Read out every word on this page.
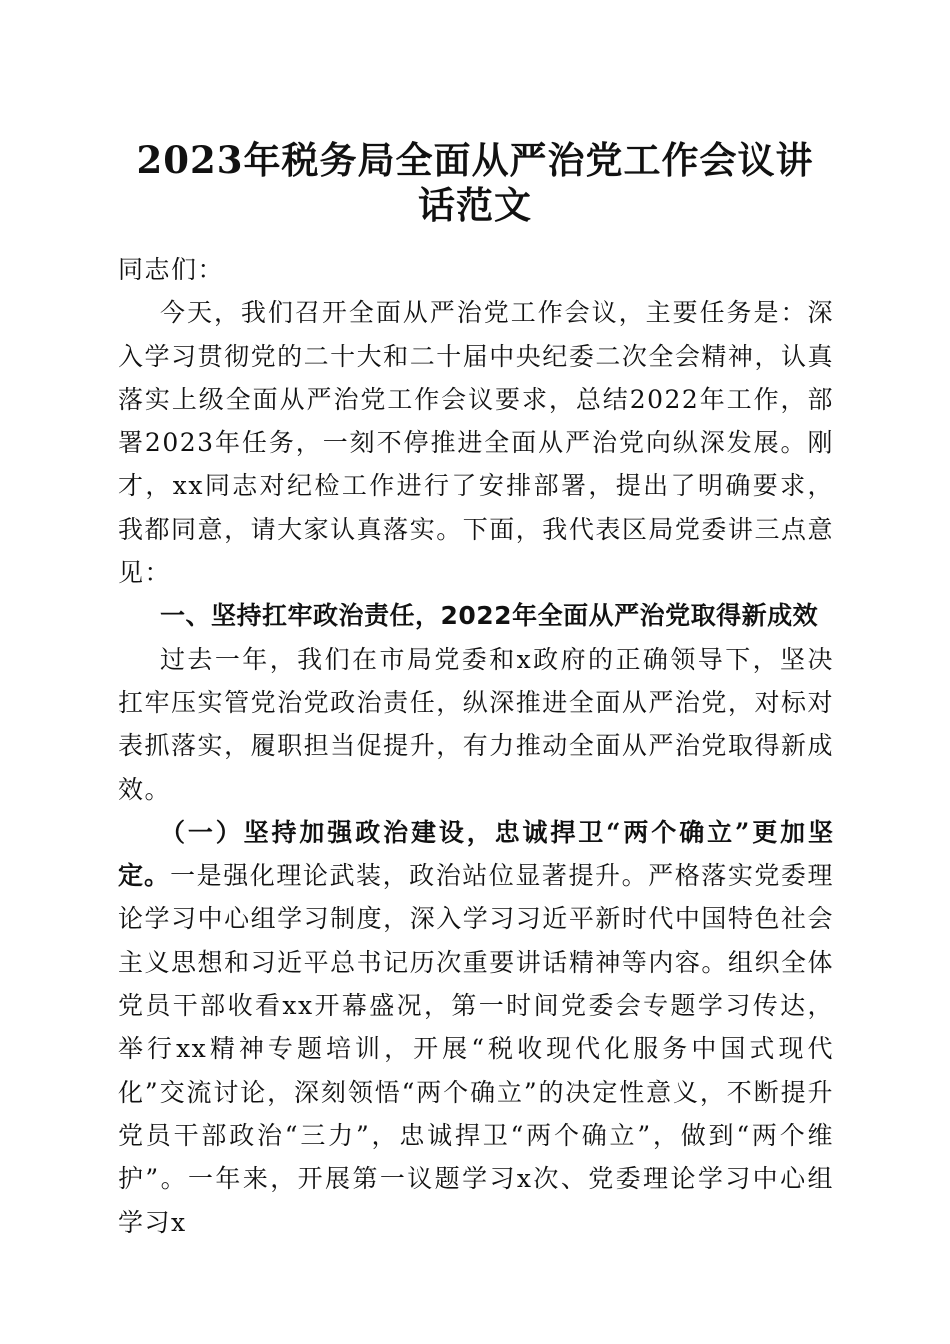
2023年税务局全面从严治党工作会议讲话范文

同志们：

今天，我们召开全面从严治党工作会议，主要任务是：深入学习贯彻党的二十大和二十届中央纪委二次全会精神，认真落实上级全面从严治党工作会议要求，总结2022年工作，部署2023年任务，一刻不停推进全面从严治党向纵深发展。刚才，xx同志对纪检工作进行了安排部署，提出了明确要求，我都同意，请大家认真落实。下面，我代表区局党委讲三点意见：

一、坚持扛牢政治责任，2022年全面从严治党取得新成效

过去一年，我们在市局党委和x政府的正确领导下，坚决扛牢压实管党治党政治责任，纵深推进全面从严治党，对标对表抓落实，履职担当促提升，有力推动全面从严治党取得新成效。

（一）坚持加强政治建设，忠诚捍卫“两个确立”更加坚定。一是强化理论武装，政治站位显著提升。严格落实党委理论学习中心组学习制度，深入学习习近平新时代中国特色社会主义思想和习近平总书记历次重要讲话精神等内容。组织全体党员干部收看xx开幕盛况，第一时间党委会专题学习传达，举行xx精神专题培训，开展“税收现代化服务中国式现代化”交流讨论，深刻领悟“两个确立”的决定性意义，不断提升党员干部政治“三力”，忠诚捍卫“两个确立”，做到“两个维护”。一年来，开展第一议题学习x次、党委理论学习中心组学习x
